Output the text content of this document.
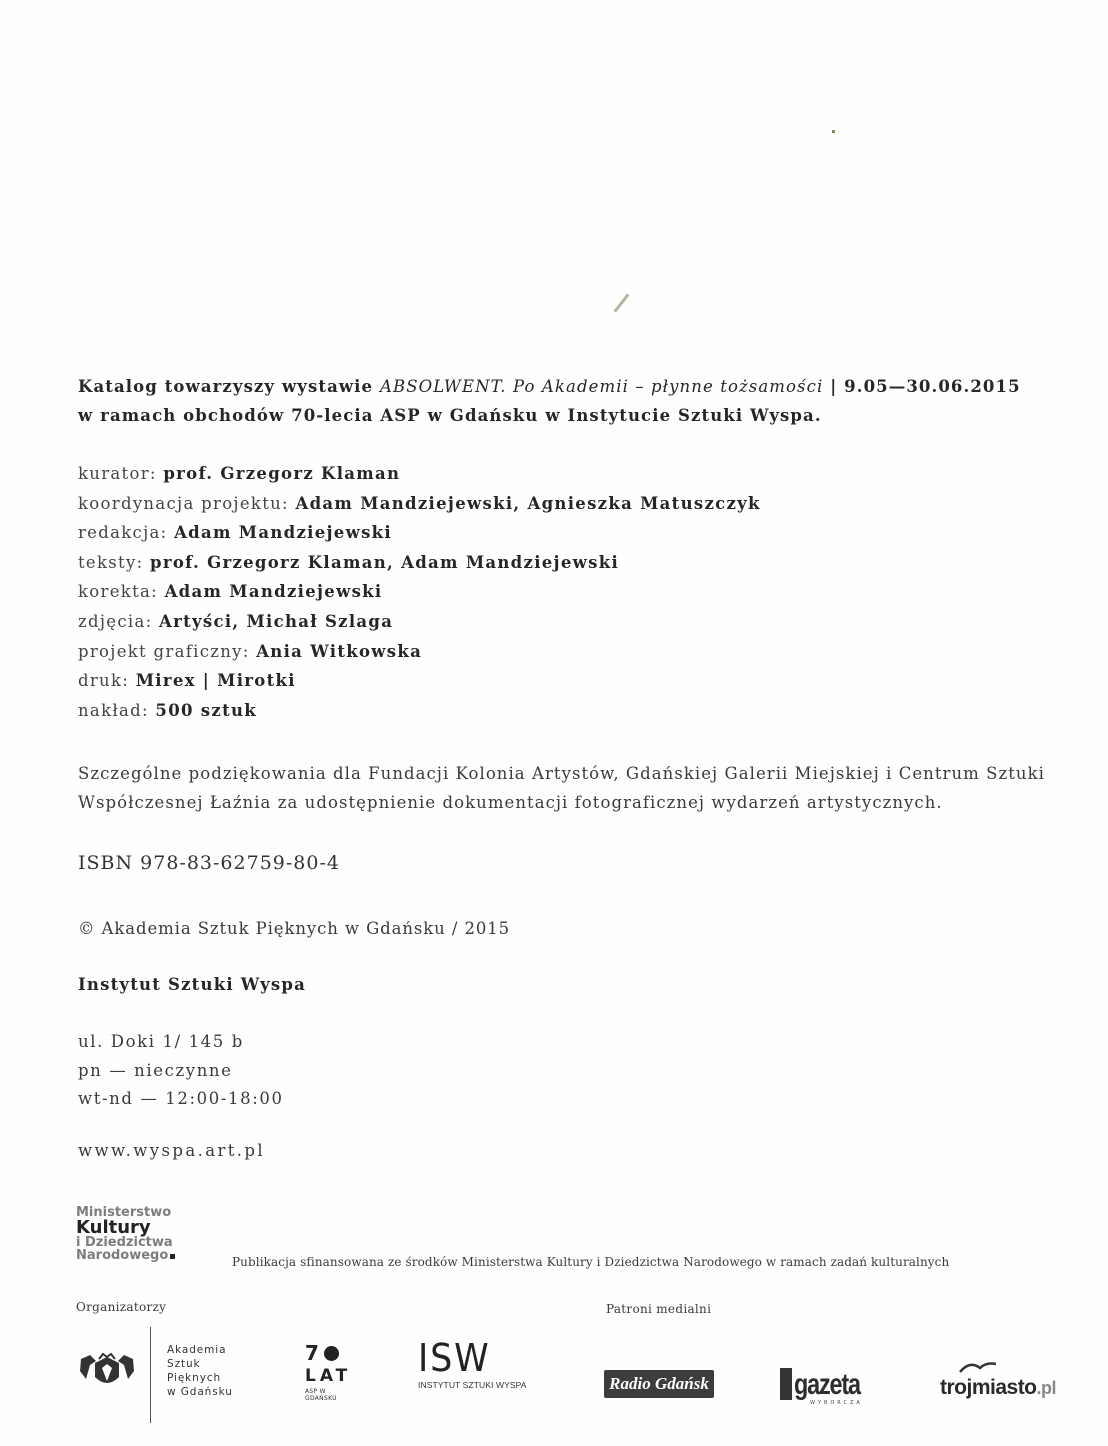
Katalog towarzyszy wystawie ABSOLWENT. Po Akademii – płynne tożsamości | 9.05—30.06.2015
w ramach obchodów 70-lecia ASP w Gdańsku w Instytucie Sztuki Wyspa.
kurator: prof. Grzegorz Klaman
koordynacja projektu: Adam Mandziejewski, Agnieszka Matuszczyk
redakcja: Adam Mandziejewski
teksty: prof. Grzegorz Klaman, Adam Mandziejewski
korekta: Adam Mandziejewski
zdjęcia: Artyści, Michał Szlaga
projekt graficzny: Ania Witkowska
druk: Mirex | Mirotki
nakład: 500 sztuk
Szczególne podziękowania dla Fundacji Kolonia Artystów, Gdańskiej Galerii Miejskiej i Centrum Sztuki Współczesnej Łaźnia za udostępnienie dokumentacji fotograficznej wydarzeń artystycznych.
ISBN 978-83-62759-80-4
© Akademia Sztuk Pięknych w Gdańsku / 2015
Instytut Sztuki Wyspa
ul. Doki 1/ 145 b
pn — nieczynne
wt-nd — 12:00-18:00
www.wyspa.art.pl
Ministerstwo
Kultury
i Dziedzictwa
Narodowego	Publikacja sfinansowana ze środków Ministerstwa Kultury i Dziedzictwa Narodowego w ramach zadań kulturalnych
Organizatorzy	Patroni medialni
Akademia
Sztuk
Pięknych
w Gdańsku
7
LAT
ASP W GDAŃSKU
ISW
INSTYTUT SZTUKI WYSPA	Radio Gdańsk	gazeta
WYBORCZA
trojmiasto.pl
